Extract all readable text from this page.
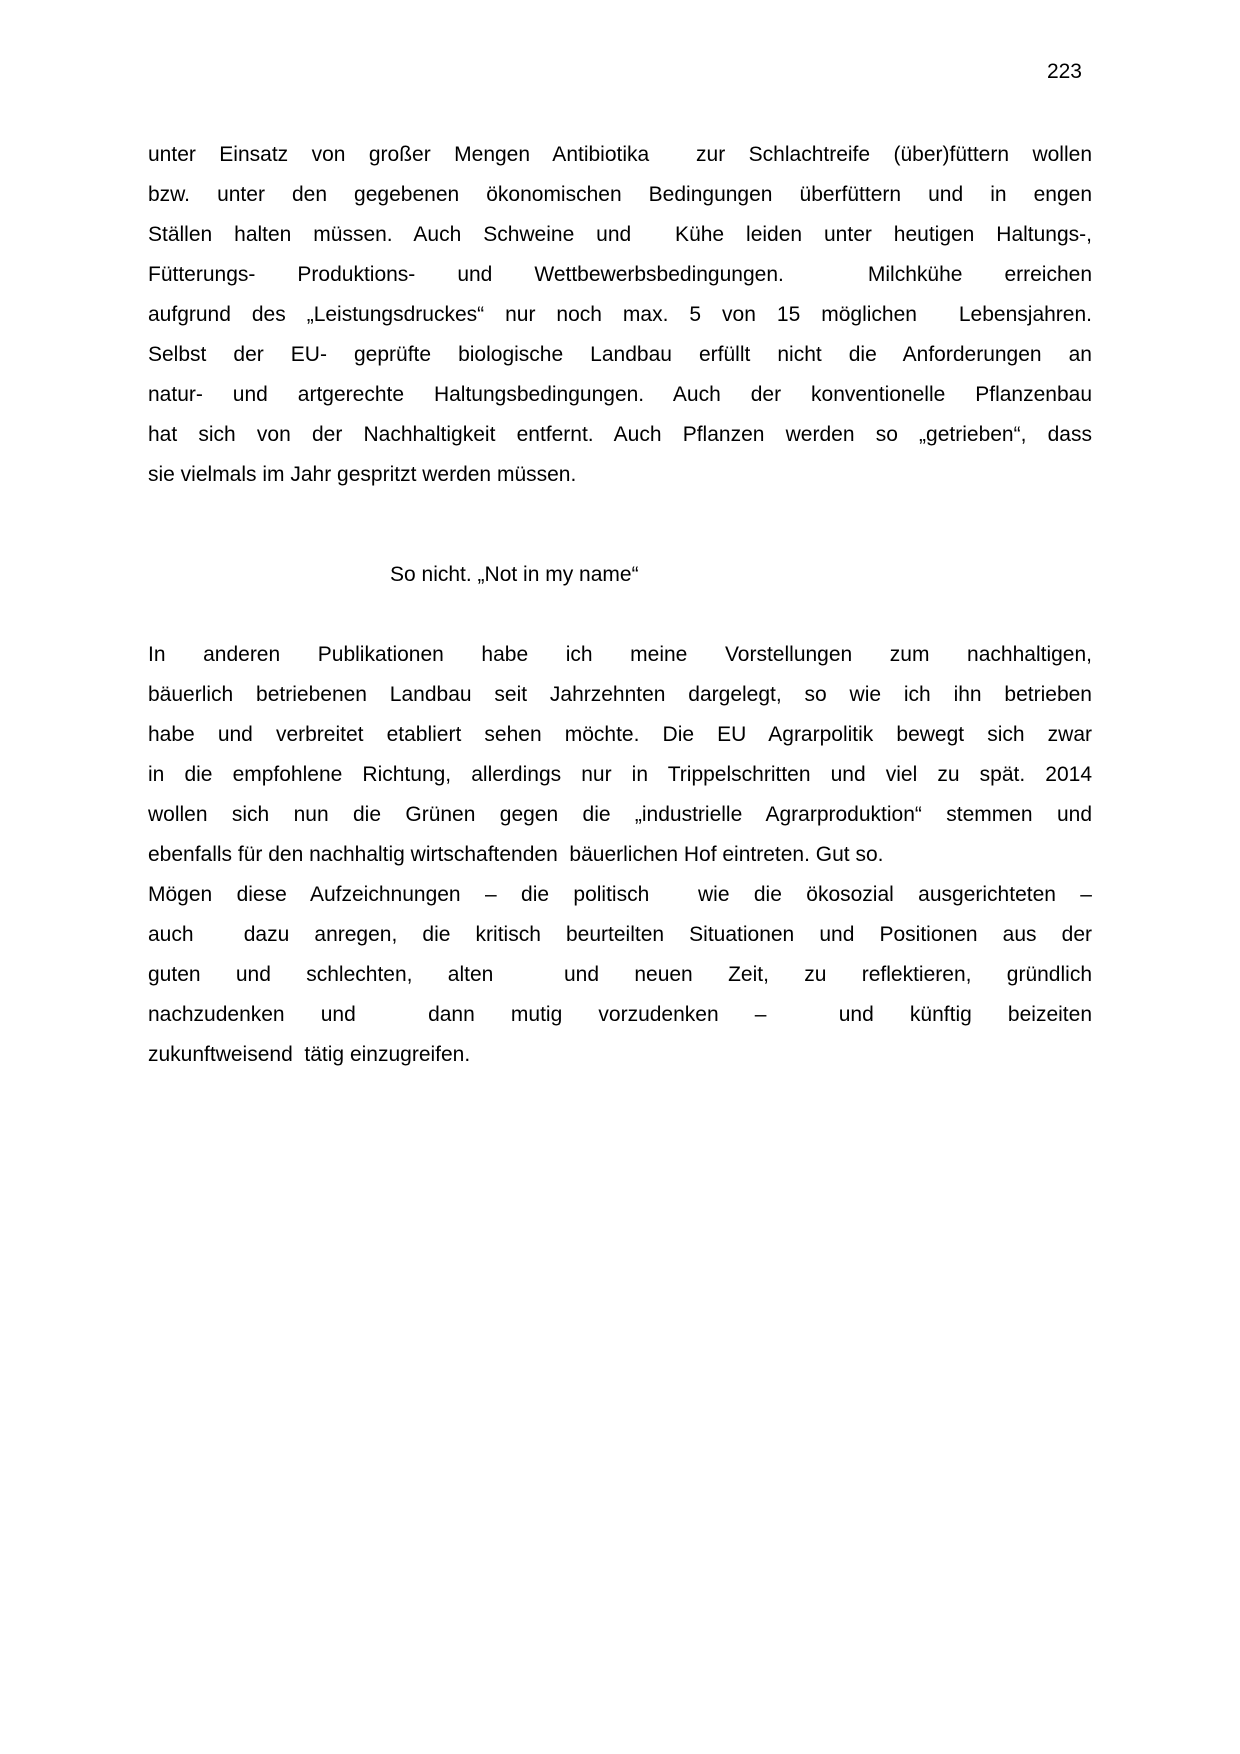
223
unter Einsatz von großer Mengen Antibiotika  zur Schlachtreife (über)füttern wollen
bzw. unter den gegebenen ökonomischen Bedingungen überfüttern und in engen
Ställen halten müssen. Auch Schweine und  Kühe leiden unter heutigen Haltungs-,
Fütterungs- Produktions- und Wettbewerbsbedingungen.  Milchkühe erreichen
aufgrund des „Leistungsdruckes“ nur noch max. 5 von 15 möglichen  Lebensjahren.
Selbst der EU- geprüfte biologische Landbau erfüllt nicht die Anforderungen an
natur- und artgerechte Haltungsbedingungen. Auch der konventionelle Pflanzenbau
hat sich von der Nachhaltigkeit entfernt. Auch Pflanzen werden so „getrieben“, dass
sie vielmals im Jahr gespritzt werden müssen.
So nicht. „Not in my name“
In anderen Publikationen habe ich meine Vorstellungen zum nachhaltigen,
bäuerlich betriebenen Landbau seit Jahrzehnten dargelegt, so wie ich ihn betrieben
habe und verbreitet etabliert sehen möchte. Die EU Agrarpolitik bewegt sich zwar
in die empfohlene Richtung, allerdings nur in Trippelschritten und viel zu spät. 2014
wollen sich nun die Grünen gegen die „industrielle Agrarproduktion“ stemmen und
ebenfalls für den nachhaltig wirtschaftenden  bäuerlichen Hof eintreten. Gut so.
Mögen diese Aufzeichnungen – die politisch  wie die ökosozial ausgerichteten –
auch  dazu anregen, die kritisch beurteilten Situationen und Positionen aus der
guten und schlechten, alten  und neuen Zeit, zu reflektieren, gründlich
nachzudenken und  dann mutig vorzudenken –  und künftig beizeiten
zukunftweisend  tätig einzugreifen.
